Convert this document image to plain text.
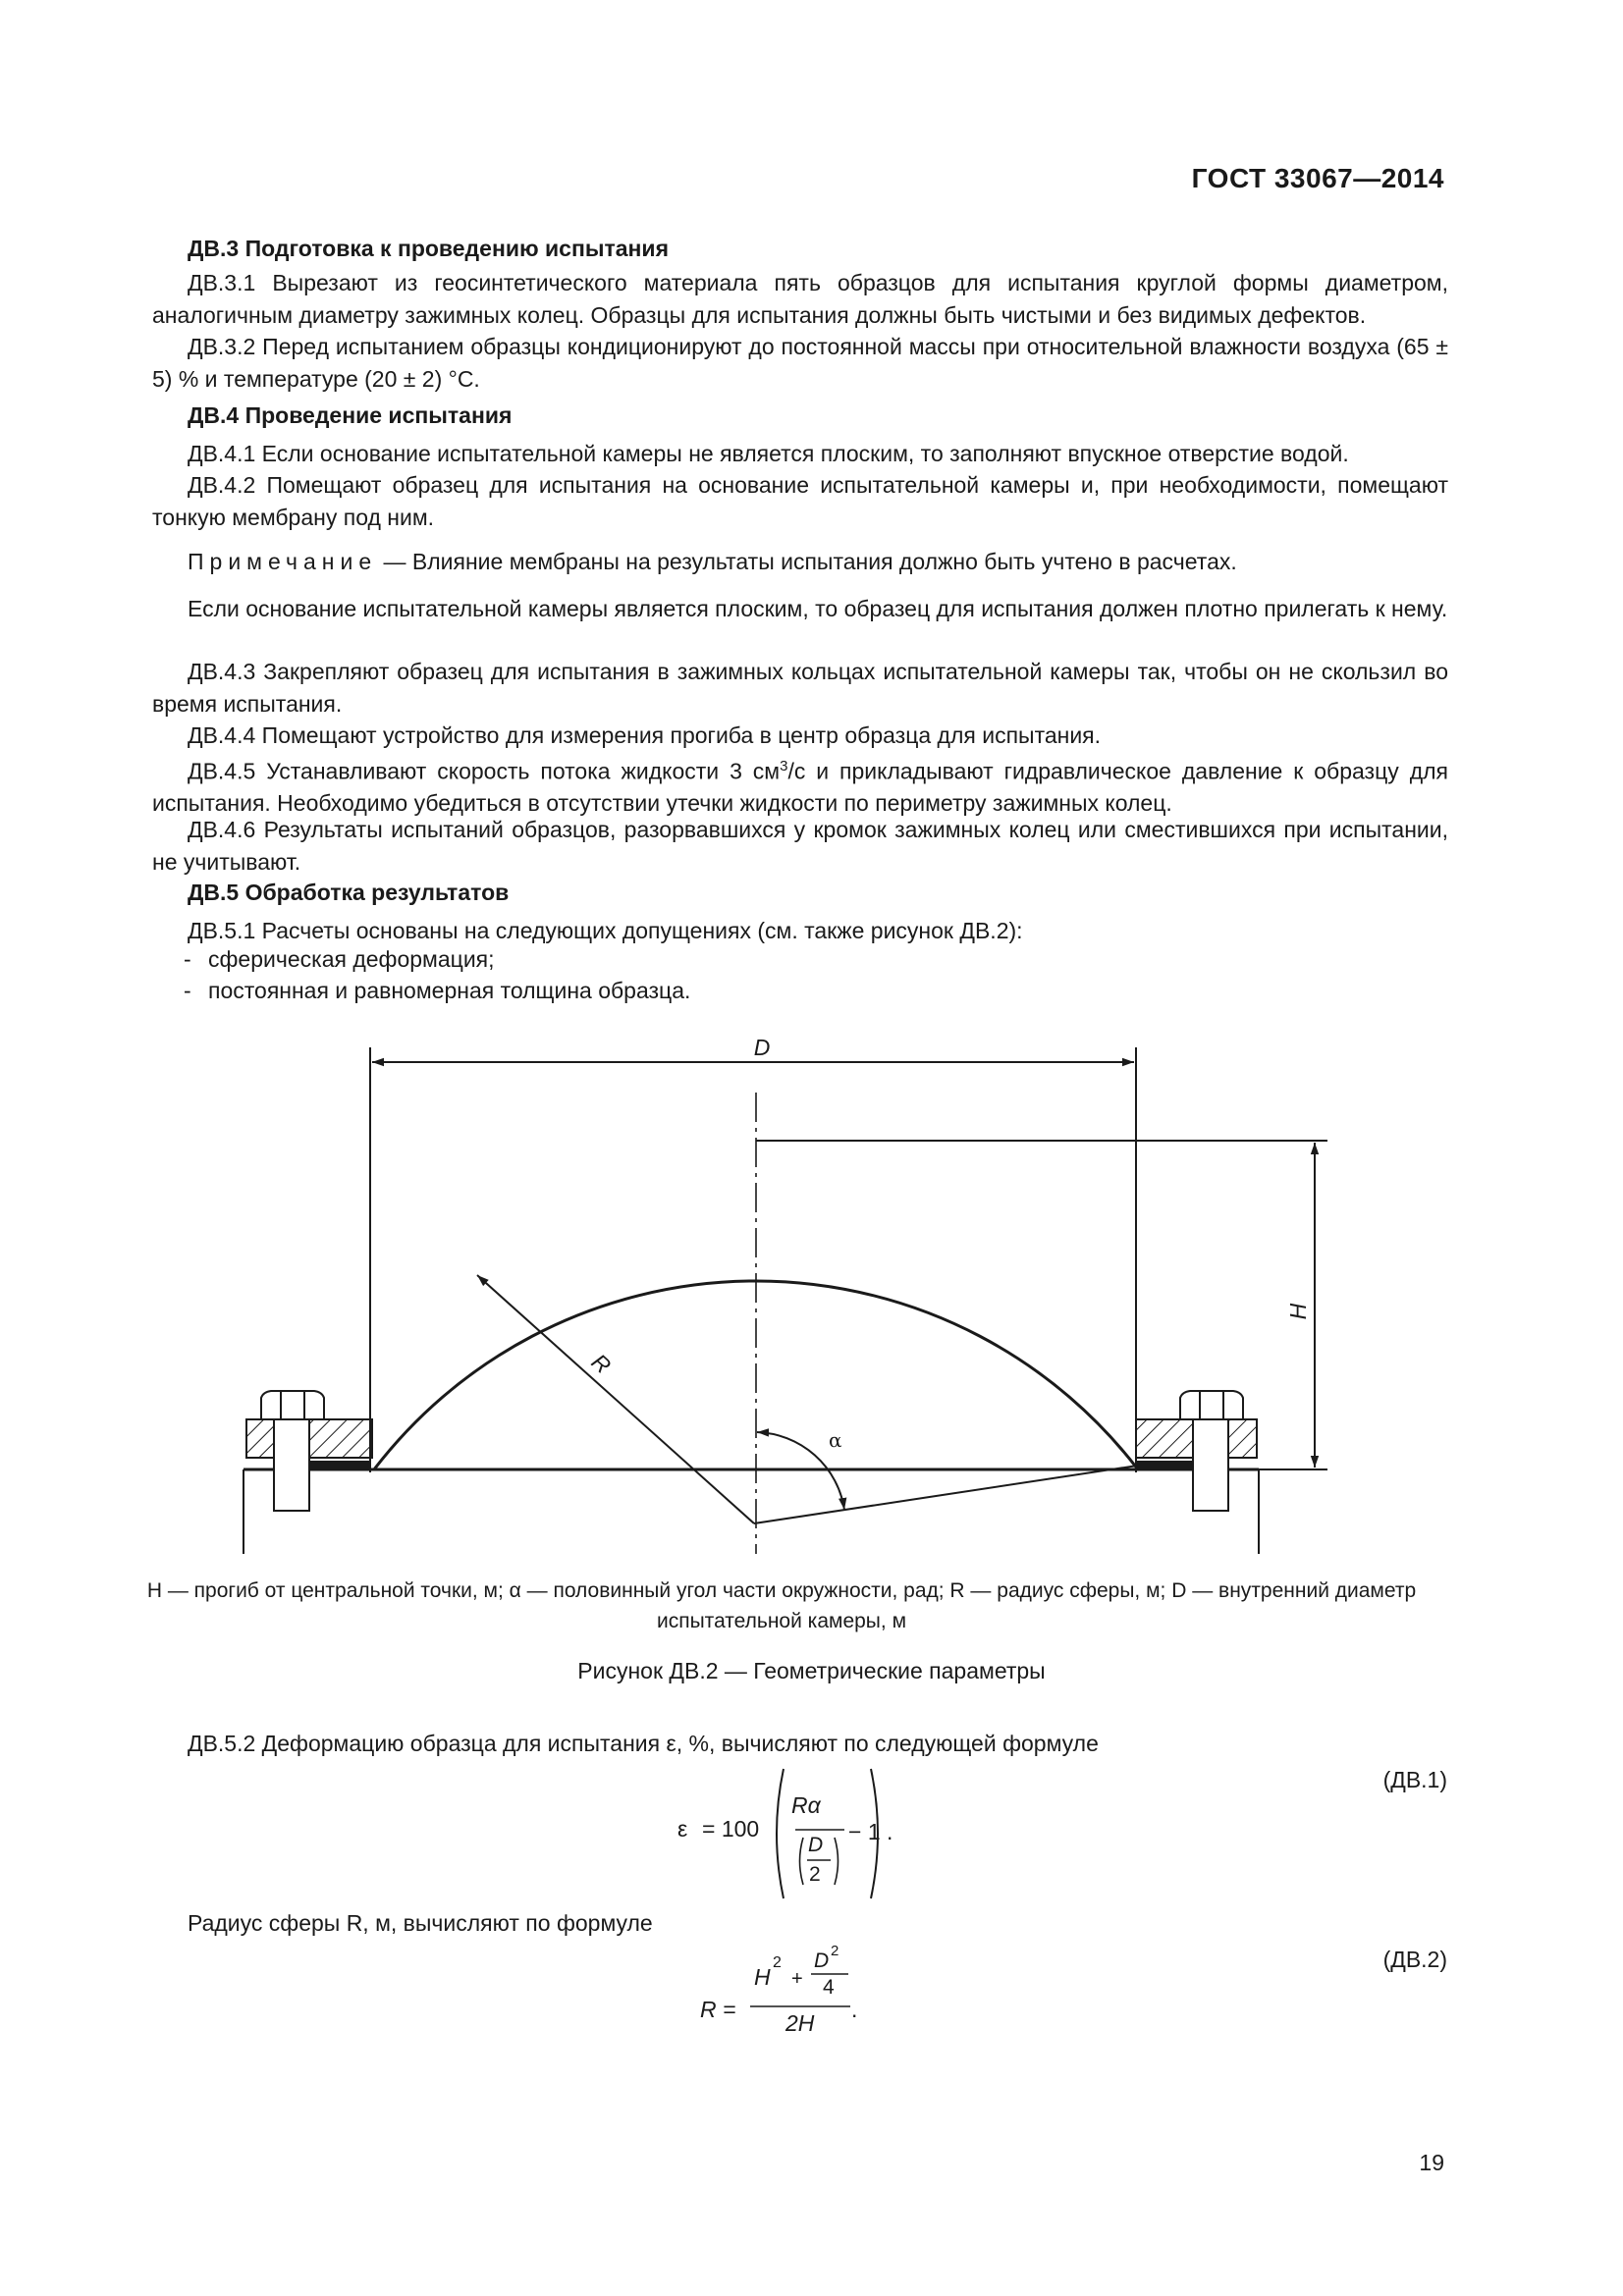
ГОСТ 33067—2014
ДВ.3 Подготовка к проведению испытания
ДВ.3.1 Вырезают из геосинтетического материала пять образцов для испытания круглой формы диаметром, аналогичным диаметру зажимных колец. Образцы для испытания должны быть чистыми и без видимых дефектов.
ДВ.3.2 Перед испытанием образцы кондиционируют до постоянной массы при относительной влажности воздуха (65 ± 5) % и температуре (20 ± 2) °С.
ДВ.4 Проведение испытания
ДВ.4.1 Если основание испытательной камеры не является плоским, то заполняют впускное отверстие водой.
ДВ.4.2 Помещают образец для испытания на основание испытательной камеры и, при необходимости, помещают тонкую мембрану под ним.
Примечание — Влияние мембраны на результаты испытания должно быть учтено в расчетах.
Если основание испытательной камеры является плоским, то образец для испытания должен плотно прилегать к нему.
ДВ.4.3 Закрепляют образец для испытания в зажимных кольцах испытательной камеры так, чтобы он не скользил во время испытания.
ДВ.4.4 Помещают устройство для измерения прогиба в центр образца для испытания.
ДВ.4.5 Устанавливают скорость потока жидкости 3 $см^3/с$ и прикладывают гидравлическое давление к образцу для испытания. Необходимо убедиться в отсутствии утечки жидкости по периметру зажимных колец.
ДВ.4.6 Результаты испытаний образцов, разорвавшихся у кромок зажимных колец или сместившихся при испытании, не учитывают.
ДВ.5 Обработка результатов
ДВ.5.1 Расчеты основаны на следующих допущениях (см. также рисунок ДВ.2):
- сферическая деформация;
- постоянная и равномерная толщина образца.
D
H
R
α
H — прогиб от центральной точки, м; α — половинный угол части окружности, рад; R — радиус сферы, м; D — внутренний диаметр испытательной камеры, м
Рисунок ДВ.2 — Геометрические параметры
ДВ.5.2 Деформацию образца для испытания ε, %, вычисляют по следующей формуле
(ДВ.1)
ε = 100
Rα
D
2
− 1 .
Радиус сферы R, м, вычисляют по формуле
(ДВ.2)
R =
H
2
+
D 2
4
2H
.
19
